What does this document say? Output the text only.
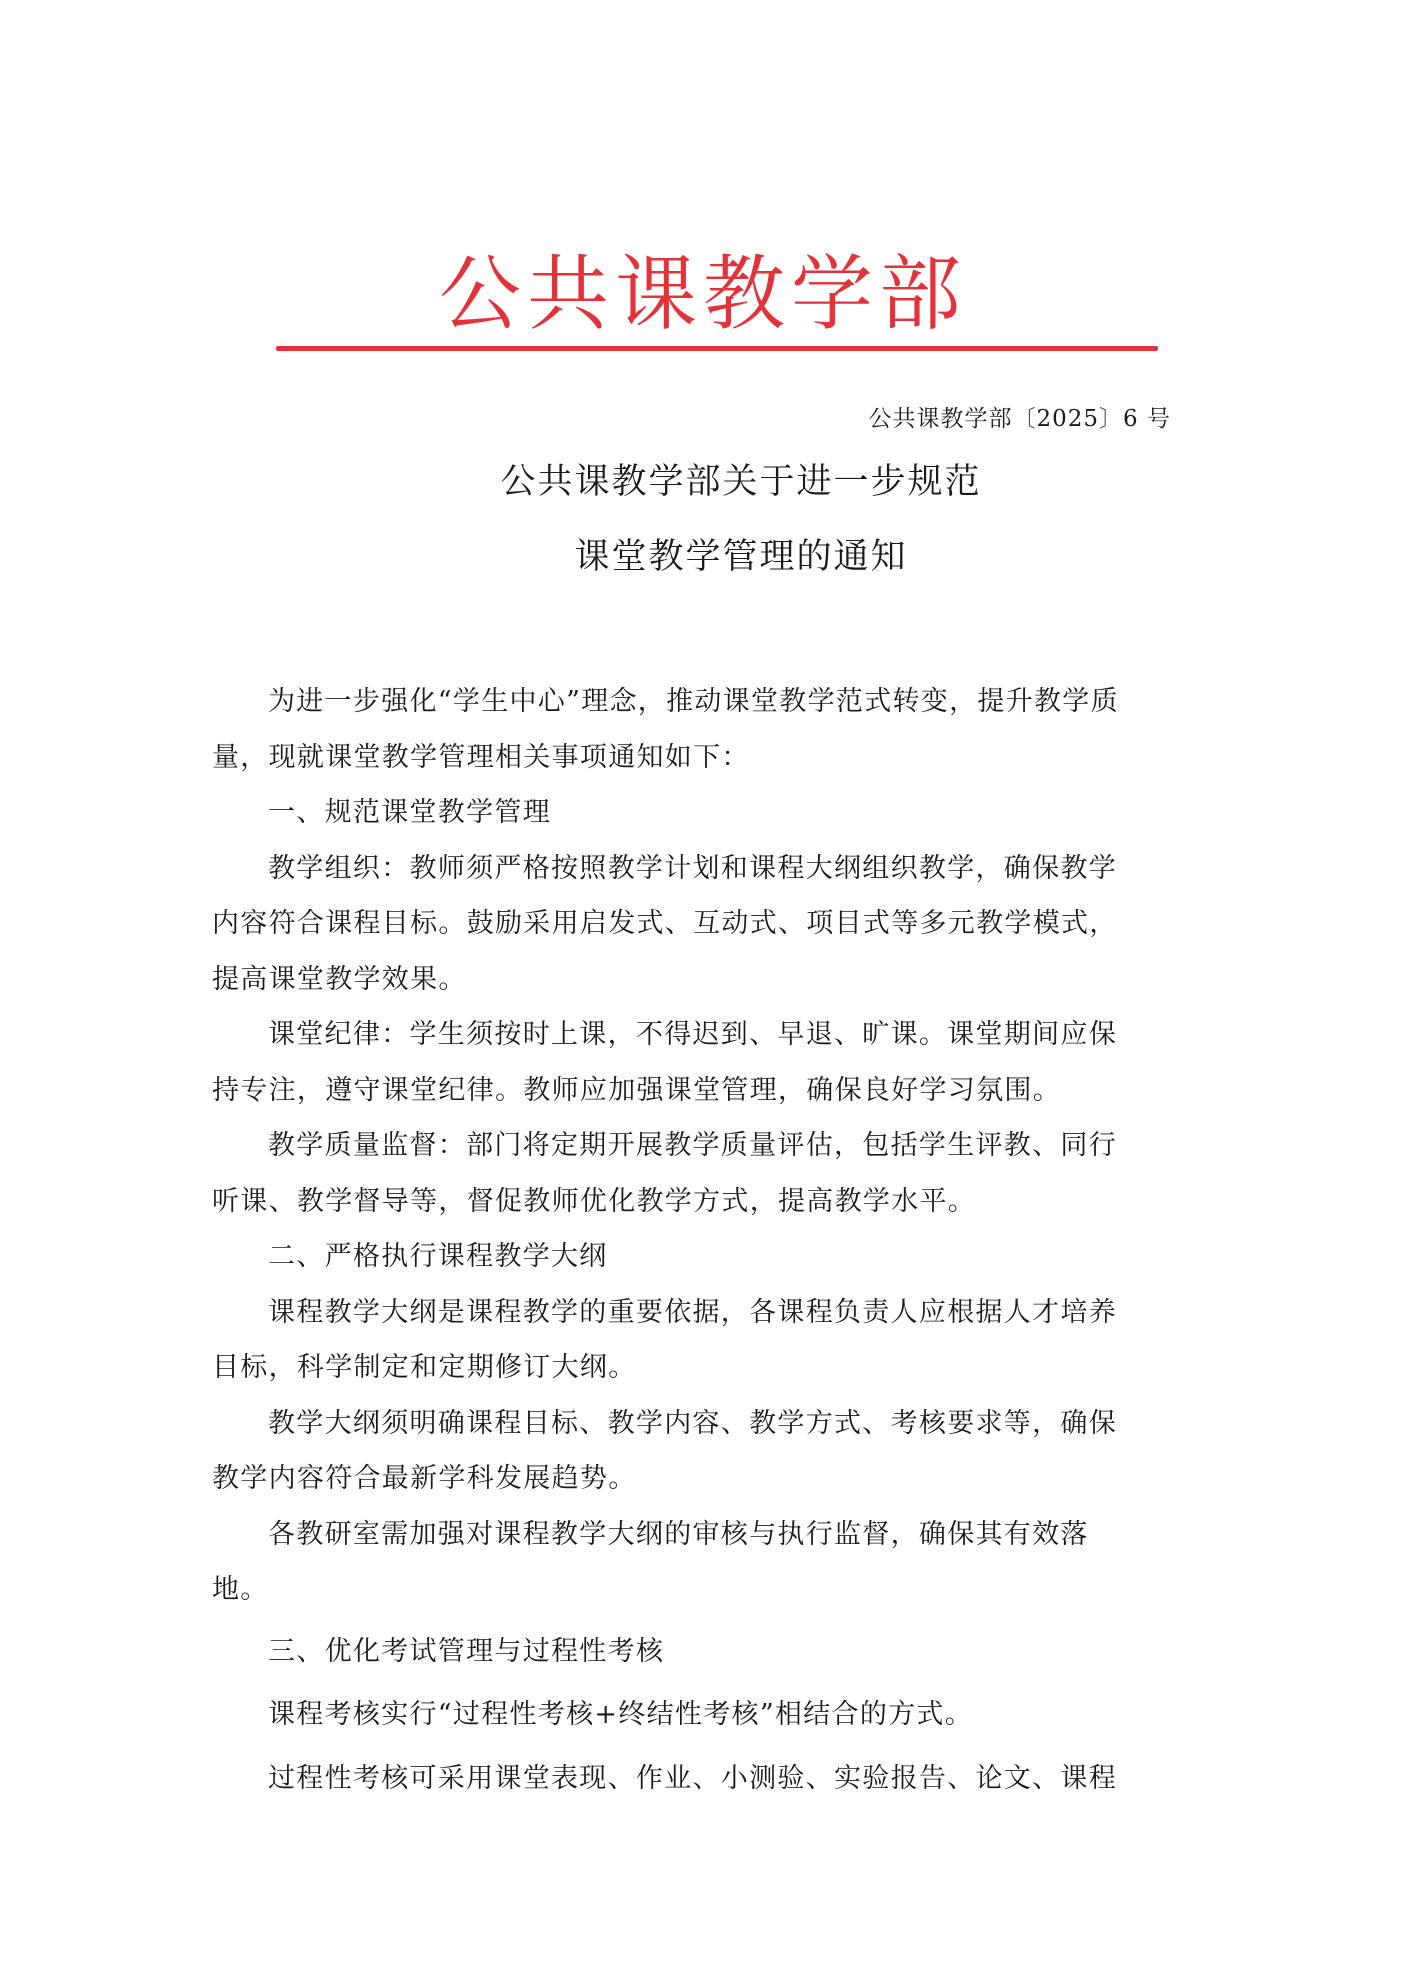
公共课教学部
公共课教学部〔2025〕6 号
公共课教学部关于进一步规范
课堂教学管理的通知

为进一步强化“学生中心”理念，推动课堂教学范式转变，提升教学质量，现就课堂教学管理相关事项通知如下：

一、规范课堂教学管理

教学组织：教师须严格按照教学计划和课程大纲组织教学，确保教学内容符合课程目标。鼓励采用启发式、互动式、项目式等多元教学模式，提高课堂教学效果。

课堂纪律：学生须按时上课，不得迟到、早退、旷课。课堂期间应保持专注，遵守课堂纪律。教师应加强课堂管理，确保良好学习氛围。

教学质量监督：部门将定期开展教学质量评估，包括学生评教、同行听课、教学督导等，督促教师优化教学方式，提高教学水平。

二、严格执行课程教学大纲

课程教学大纲是课程教学的重要依据，各课程负责人应根据人才培养目标，科学制定和定期修订大纲。

教学大纲须明确课程目标、教学内容、教学方式、考核要求等，确保教学内容符合最新学科发展趋势。

各教研室需加强对课程教学大纲的审核与执行监督，确保其有效落地。

三、优化考试管理与过程性考核

课程考核实行“过程性考核+终结性考核”相结合的方式。

过程性考核可采用课堂表现、作业、小测验、实验报告、论文、课程
